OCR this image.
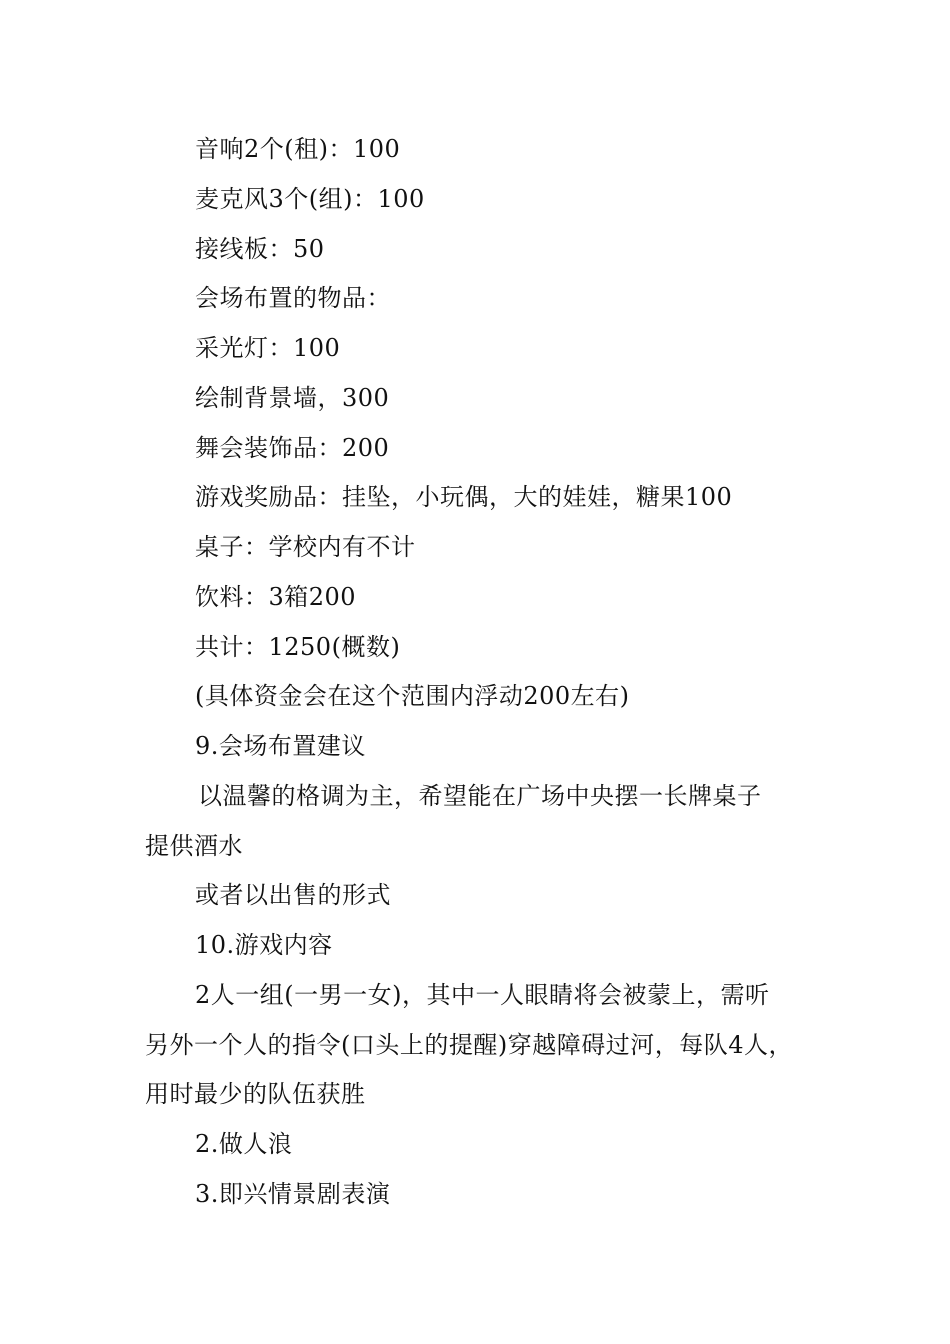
音响2个(租)：100
麦克风3个(组)：100
接线板：50
会场布置的物品：
采光灯：100
绘制背景墙，300
舞会装饰品：200
游戏奖励品：挂坠，小玩偶，大的娃娃，糖果100
桌子：学校内有不计
饮料：3箱200
共计：1250(概数)
(具体资金会在这个范围内浮动200左右)
9.会场布置建议
以温馨的格调为主，希望能在广场中央摆一长牌桌子
提供酒水
或者以出售的形式
10.游戏内容
2人一组(一男一女)，其中一人眼睛将会被蒙上，需听
另外一个人的指令(口头上的提醒)穿越障碍过河，每队4人，
用时最少的队伍获胜
2.做人浪
3.即兴情景剧表演
